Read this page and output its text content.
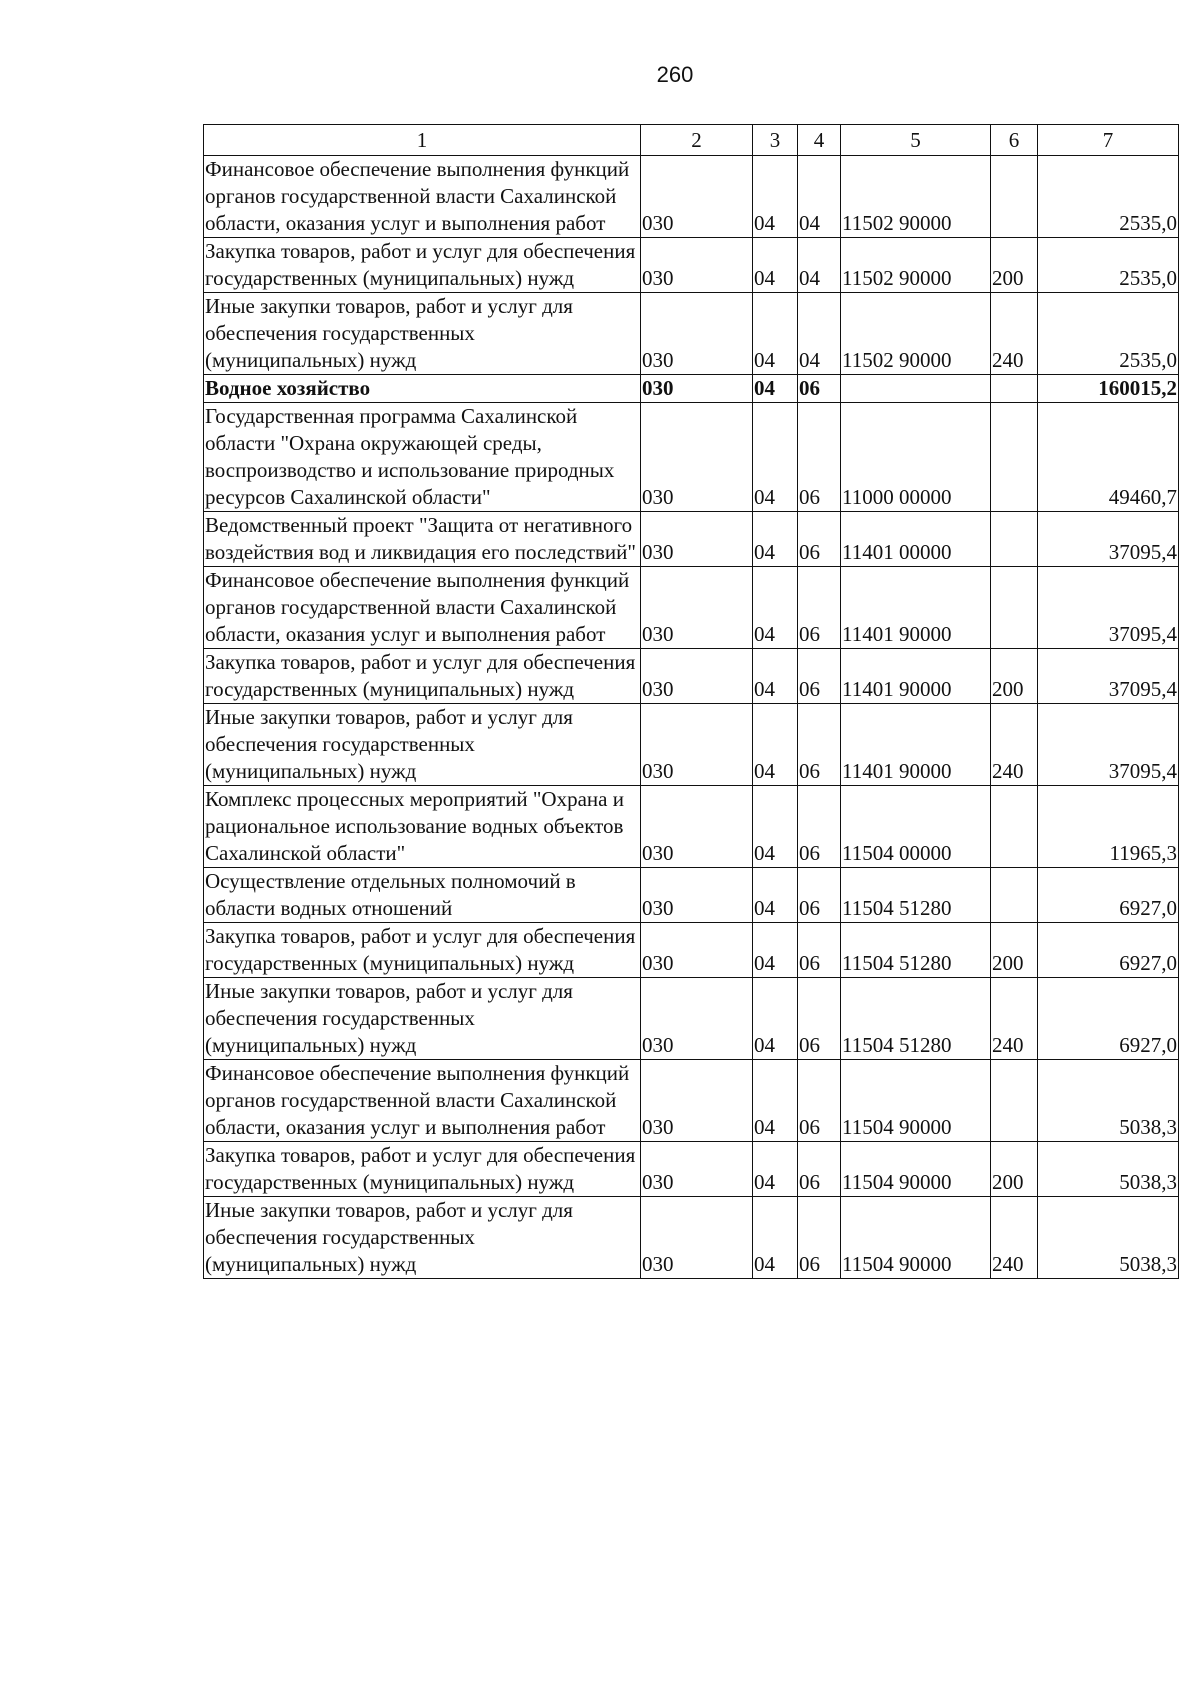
260
1	2	3	4	5	6	7
Финансовое обеспечение выполнения функций органов государственной власти Сахалинской области, оказания услуг и выполнения работ	030	04	04	11502 90000		2535,0
Закупка товаров, работ и услуг для обеспечения государственных (муниципальных) нужд	030	04	04	11502 90000	200	2535,0
Иные закупки товаров, работ и услуг для обеспечения государственных (муниципальных) нужд	030	04	04	11502 90000	240	2535,0
Водное хозяйство	030	04	06			160015,2
Государственная программа Сахалинской области "Охрана окружающей среды, воспроизводство и использование природных ресурсов Сахалинской области"	030	04	06	11000 00000		49460,7
Ведомственный проект "Защита от негативного воздействия вод и ликвидация его последствий"	030	04	06	11401 00000		37095,4
Финансовое обеспечение выполнения функций органов государственной власти Сахалинской области, оказания услуг и выполнения работ	030	04	06	11401 90000		37095,4
Закупка товаров, работ и услуг для обеспечения государственных (муниципальных) нужд	030	04	06	11401 90000	200	37095,4
Иные закупки товаров, работ и услуг для обеспечения государственных (муниципальных) нужд	030	04	06	11401 90000	240	37095,4
Комплекс процессных мероприятий "Охрана и рациональное использование водных объектов Сахалинской области"	030	04	06	11504 00000		11965,3
Осуществление отдельных полномочий в области водных отношений	030	04	06	11504 51280		6927,0
Закупка товаров, работ и услуг для обеспечения государственных (муниципальных) нужд	030	04	06	11504 51280	200	6927,0
Иные закупки товаров, работ и услуг для обеспечения государственных (муниципальных) нужд	030	04	06	11504 51280	240	6927,0
Финансовое обеспечение выполнения функций органов государственной власти Сахалинской области, оказания услуг и выполнения работ	030	04	06	11504 90000		5038,3
Закупка товаров, работ и услуг для обеспечения государственных (муниципальных) нужд	030	04	06	11504 90000	200	5038,3
Иные закупки товаров, работ и услуг для обеспечения государственных (муниципальных) нужд	030	04	06	11504 90000	240	5038,3
